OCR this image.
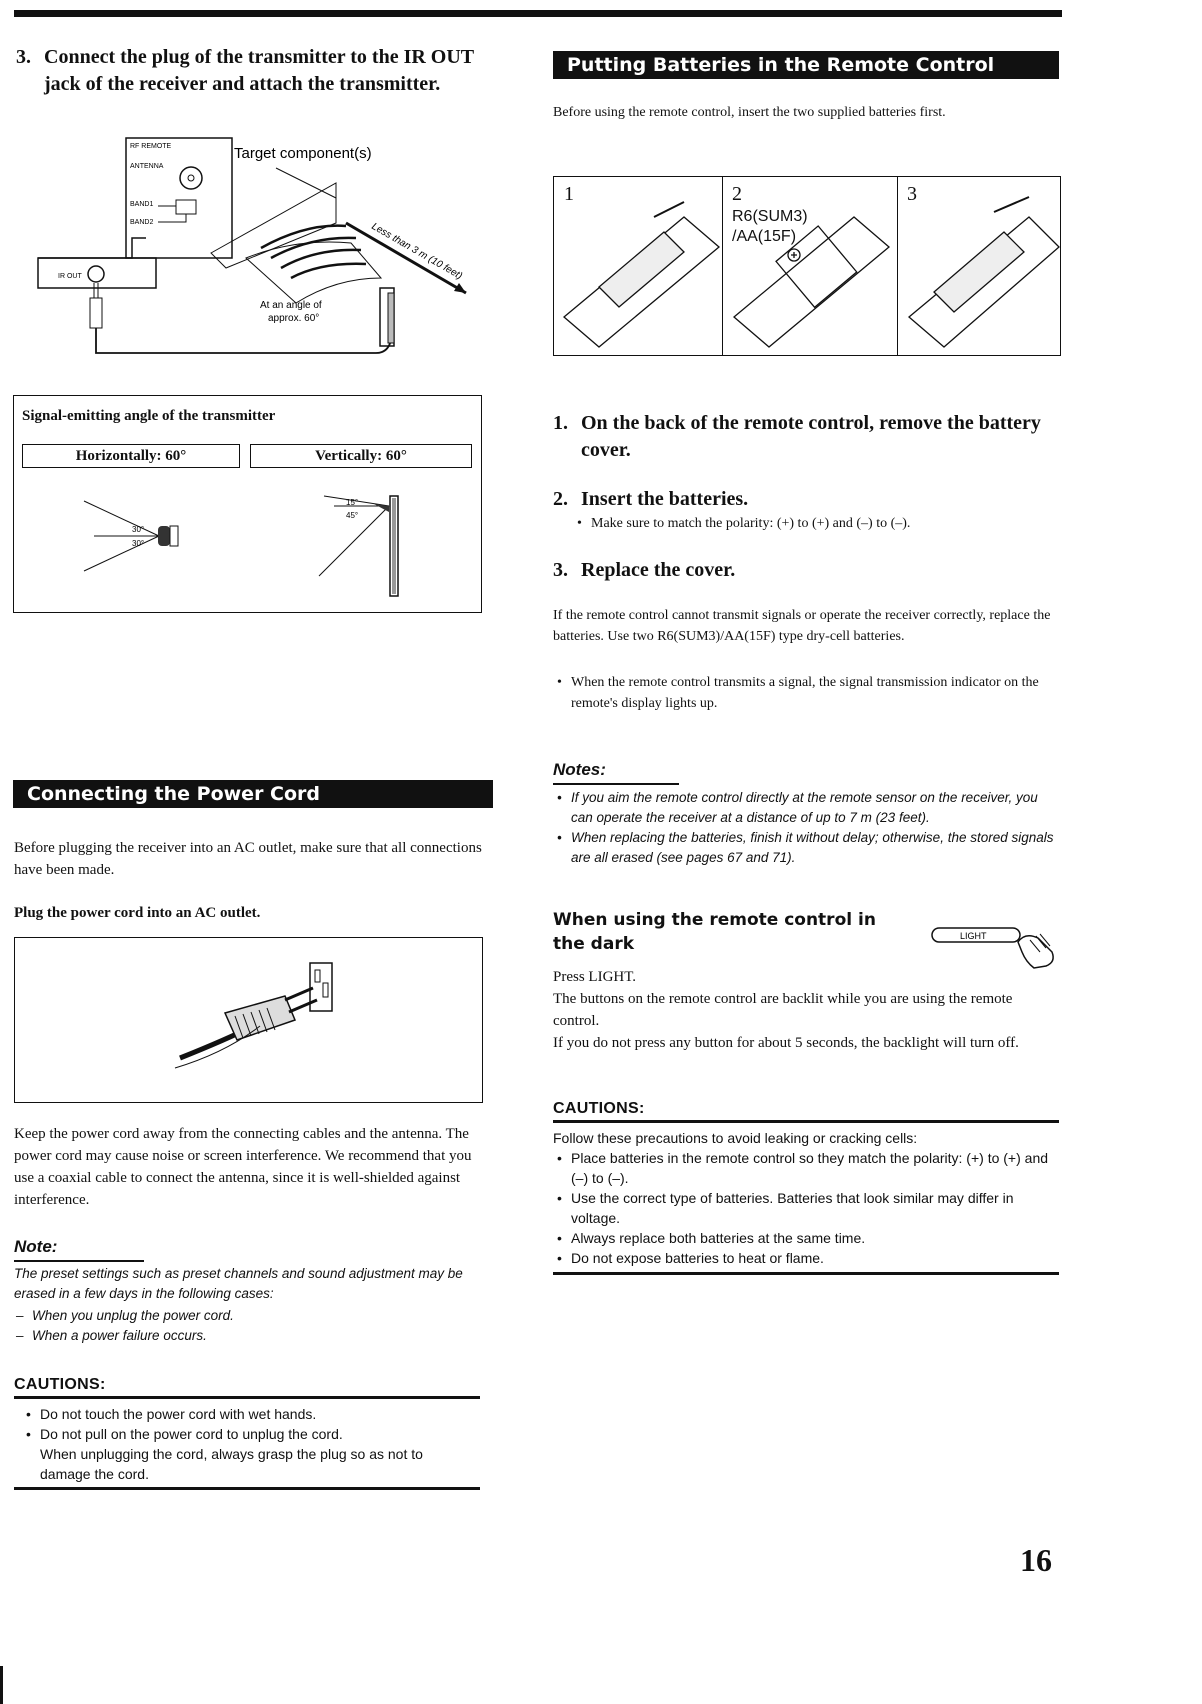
3. Connect the plug of the transmitter to the IR OUT jack of the receiver and attach the transmitter.
RF REMOTE
ANTENNA
BAND1
BAND2
IR OUT
Target component(s)
Less than 3 m (10 feet)
At an angle of
approx. 60°
Signal-emitting angle of the transmitter
Horizontally: 60°	Vertically: 60°
30°
30°
15°
45°
Connecting the Power Cord
Before plugging the receiver into an AC outlet, make sure that all connections have been made.
Plug the power cord into an AC outlet.
Keep the power cord away from the connecting cables and the antenna. The power cord may cause noise or screen interference. We recommend that you use a coaxial cable to connect the antenna, since it is well-shielded against interference.
Note:
The preset settings such as preset channels and sound adjustment may be erased in a few days in the following cases:
– When you unplug the power cord.
– When a power failure occurs.
CAUTIONS:
• Do not touch the power cord with wet hands.
• Do not pull on the power cord to unplug the cord.
When unplugging the cord, always grasp the plug so as not to damage the cord.
Putting Batteries in the Remote Control
Before using the remote control, insert the two supplied batteries first.
1	2
R6(SUM3)
/AA(15F)
3
1. On the back of the remote control, remove the battery cover.
2. Insert the batteries.
• Make sure to match the polarity: (+) to (+) and (–) to (–).
3. Replace the cover.
If the remote control cannot transmit signals or operate the receiver correctly, replace the batteries. Use two R6(SUM3)/AA(15F) type dry-cell batteries.
• When the remote control transmits a signal, the signal transmission indicator on the remote's display lights up.
Notes:
• If you aim the remote control directly at the remote sensor on the receiver, you can operate the receiver at a distance of up to 7 m (23 feet).
• When replacing the batteries, finish it without delay; otherwise, the stored signals are all erased (see pages 67 and 71).
When using the remote control in the dark	LIGHT
Press LIGHT.
The buttons on the remote control are backlit while you are using the remote control.
If you do not press any button for about 5 seconds, the backlight will turn off.
CAUTIONS:
Follow these precautions to avoid leaking or cracking cells:
• Place batteries in the remote control so they match the polarity: (+) to (+) and (–) to (–).
• Use the correct type of batteries. Batteries that look similar may differ in voltage.
• Always replace both batteries at the same time.
• Do not expose batteries to heat or flame.
16
